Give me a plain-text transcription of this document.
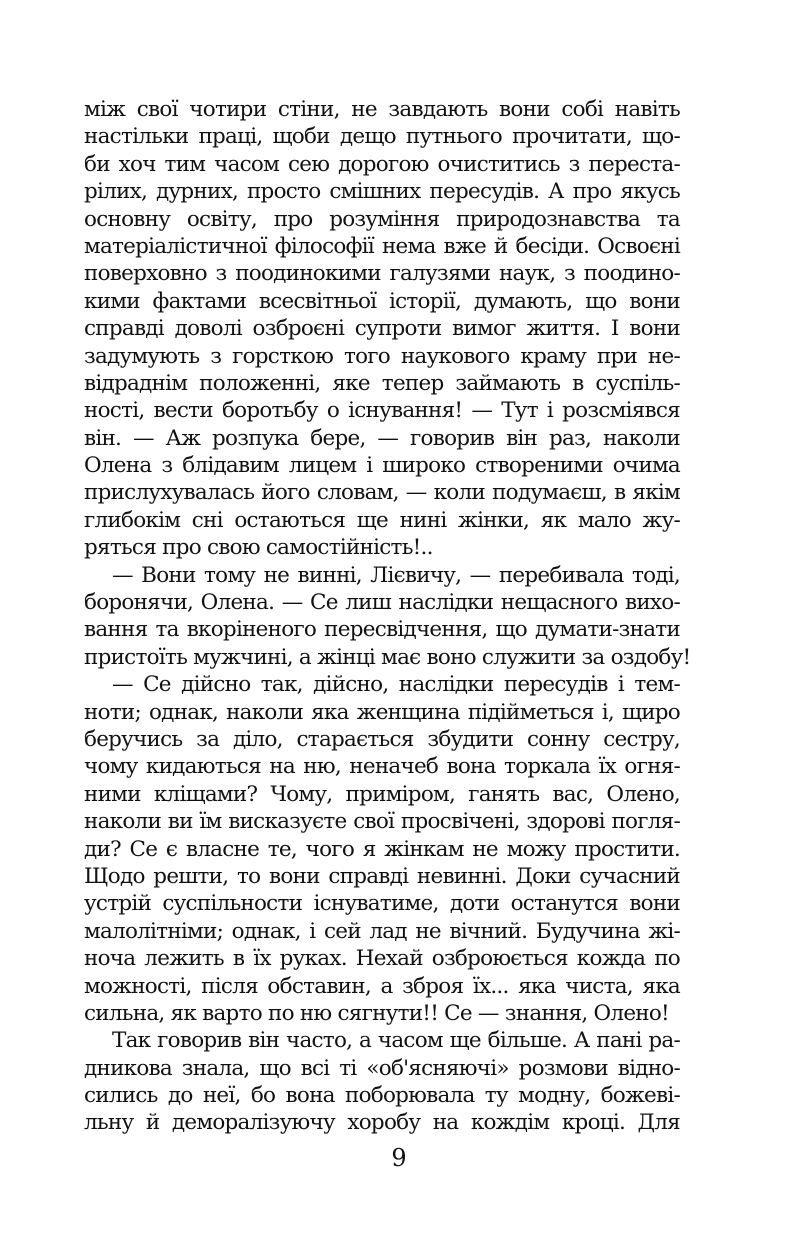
між свої чотири стіни, не завдають вони собі навіть
настільки праці, щоби дещо путнього прочитати, що-
би хоч тим часом сею дорогою очиститись з переста-
рілих, дурних, просто смішних пересудів. А про якусь
основну освіту, про розуміння природознавства та
матеріалістичної філософії нема вже й бесіди. Освоєні
поверховно з поодинокими галузями наук, з поодино-
кими фактами всесвітньої історії, думають, що вони
справді доволі озброєні супроти вимог життя. І вони
задумують з горсткою того наукового краму при не-
відраднім положенні, яке тепер займають в суспіль-
ності, вести боротьбу о існування! — Тут і розсміявся
він. — Аж розпука бере, — говорив він раз, наколи
Олена з блідавим лицем і широко створеними очима
прислухувалась його словам, — коли подумаєш, в якім
глибокім сні остаються ще нині жінки, як мало жу-
ряться про свою самостійність!..
— Вони тому не винні, Лієвичу, — перебивала тоді,
боронячи, Олена. — Се лиш наслідки нещасного вихо-
вання та вкоріненого пересвідчення, що думати-знати
пристоїть мужчині, а жінці має воно служити за оздобу!
— Се дійсно так, дійсно, наслідки пересудів і тем-
ноти; однак, наколи яка женщина підійметься і, щиро
беручись за діло, старається збудити сонну сестру,
чому кидаються на ню, неначеб вона торкала їх огня-
ними кліщами? Чому, приміром, ганять вас, Олено,
наколи ви їм висказуєте свої просвічені, здорові погля-
ди? Се є власне те, чого я жінкам не можу простити.
Щодо решти, то вони справді невинні. Доки сучасний
устрій суспільности існуватиме, доти останутся вони
малолітніми; однак, і сей лад не вічний. Будучина жі-
ноча лежить в їх руках. Нехай озброюється кожда по
можності, після обставин, а зброя їх... яка чиста, яка
сильна, як варто по ню сягнути!! Се — знання, Олено!
Так говорив він часто, а часом ще більше. А пані ра-
дникова знала, що всі ті «об'ясняючі» розмови відно-
сились до неї, бо вона поборювала ту модну, божеві-
льну й деморалізуючу хоробу на кождім кроці. Для
9
